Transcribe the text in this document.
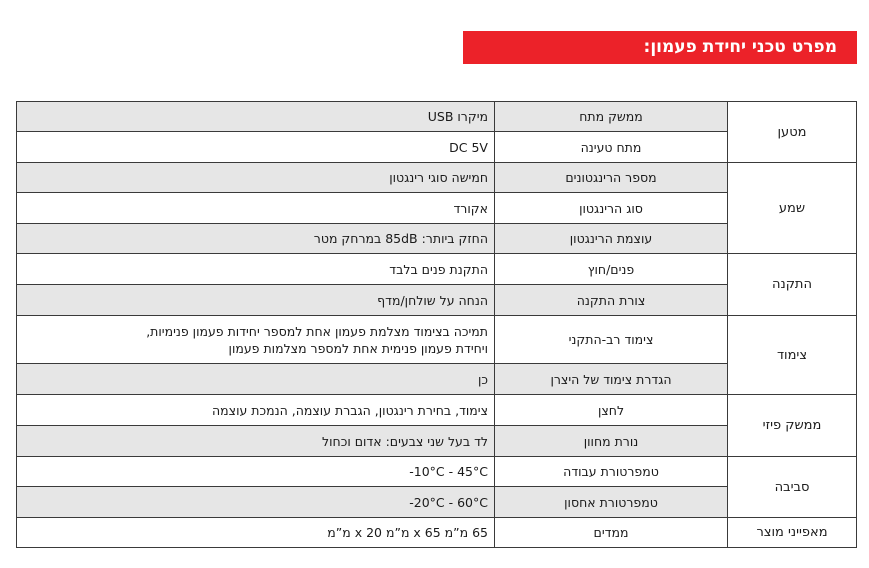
מפרט טכני יחידת פעמון:
מטען	ממשק מתח	מיקרו USB
	מתח טעינה	DC 5V
שמע	מספר הרינגטונים	חמישה סוגי רינגטון
	סוג הרינגטון	אקורד
	עוצמת הרינגטון	החזק ביותר: 85dB במרחק מטר
התקנה	פנים/חוץ	התקנת פנים בלבד
	צורת התקנה	הנחה על שולחן/מדף
צימוד	צימוד רב-התקני	תמיכה בצימוד מצלמת פעמון אחת למספר יחידות פעמון פנימיות,
ויחידת פעמון פנימית אחת למספר מצלמות פעמון

	הגדרת צימוד של היצרן	כן
ממשק פיזי	לחצן	צימוד, בחירת רינגטון, הגברת עוצמה, הנמכת עוצמה
	נורת מחוון	לד בעל שני צבעים: אדום וכחול
סביבה	טמפרטורת עבודה	10°C - 45°C-
	טמפרטורת אחסון	20°C - 60°C-
מאפייני מוצר	ממדים	65 מ”מ x 65 מ”מ x 20 מ”מ
